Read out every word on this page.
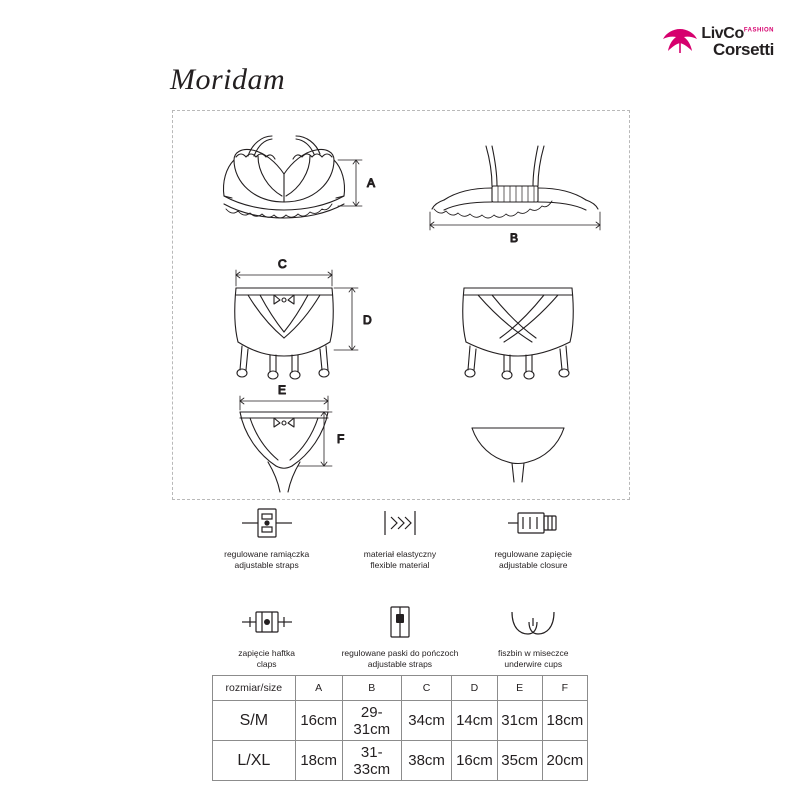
LivCo$^{FASHION}$
Corsetti
Moridam
A
B
C
D
E
F
regulowane ramiączka
adjustable straps
materiał elastyczny
flexible material
regulowane zapięcie
adjustable closure
zapięcie haftka
claps
regulowane paski do pończoch
adjustable straps
fiszbin w miseczce
underwire cups
rozmiar/size	A	B	C	D	E	F
S/M	16cm	29-31cm	34cm	14cm	31cm	18cm
L/XL	18cm	31-33cm	38cm	16cm	35cm	20cm
